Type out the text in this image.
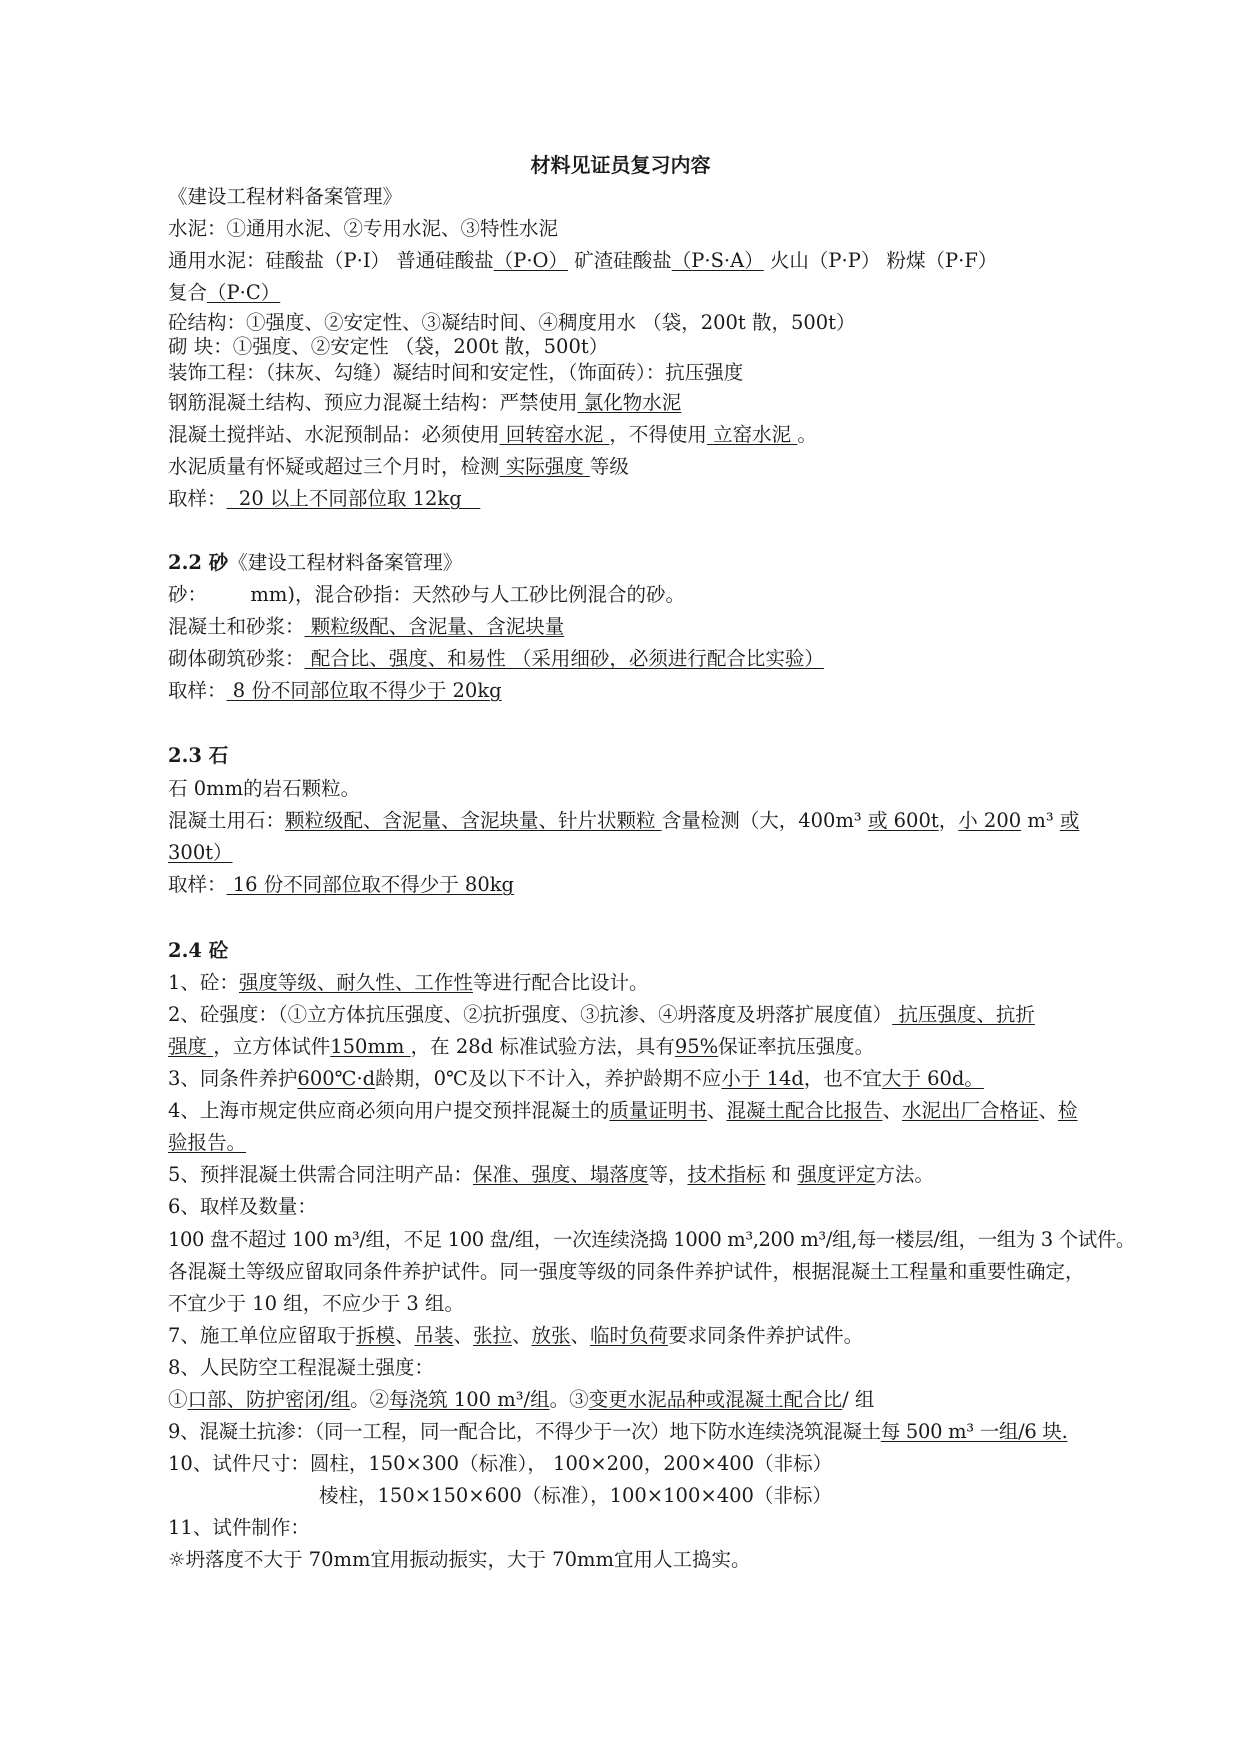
材料见证员复习内容
《建设工程材料备案管理》
水泥：①通用水泥、②专用水泥、③特性水泥
通用水泥：硅酸盐（P·I） 普通硅酸盐（P·O） 矿渣硅酸盐（P·S·A） 火山（P·P） 粉煤（P·F）
复合（P·C）
砼结构：①强度、②安定性、③凝结时间、④稠度用水 （袋，200t 散，500t）
砌 块：①强度、②安定性 （袋，200t 散，500t）
装饰工程：（抹灰、勾缝）凝结时间和安定性，（饰面砖）：抗压强度
钢筋混凝土结构、预应力混凝土结构：严禁使用 氯化物水泥
混凝土搅拌站、水泥预制品：必须使用 回转窑水泥 ，不得使用 立窑水泥 。
水泥质量有怀疑或超过三个月时，检测 实际强度 等级
取样：  20 以上不同部位取 12kg
2.2 砂《建设工程材料备案管理》
砂：       mm)，混合砂指：天然砂与人工砂比例混合的砂。
混凝土和砂浆： 颗粒级配、含泥量、含泥块量
砌体砌筑砂浆： 配合比、强度、和易性 （采用细砂，必须进行配合比实验）
取样： 8 份不同部位取不得少于 20kg
2.3 石
石 0mm的岩石颗粒。
混凝土用石：颗粒级配、含泥量、含泥块量、针片状颗粒 含量检测（大，400m³ 或 600t，小 200 m³ 或
300t）
取样： 16 份不同部位取不得少于 80kg
2.4 砼
1、砼：强度等级、耐久性、工作性等进行配合比设计。
2、砼强度：（①立方体抗压强度、②抗折强度、③抗渗、④坍落度及坍落扩展度值） 抗压强度、抗折
强度 ，立方体试件150mm ，在 28d 标准试验方法，具有95%保证率抗压强度。
3、同条件养护600℃·d龄期，0℃及以下不计入，养护龄期不应小于 14d，也不宜大于 60d。
4、上海市规定供应商必须向用户提交预拌混凝土的质量证明书、混凝土配合比报告、水泥出厂合格证、检
验报告。
5、预拌混凝土供需合同注明产品：保准、强度、塌落度等，技术指标 和 强度评定方法。
6、取样及数量：
100 盘不超过 100 m³/组，不足 100 盘/组，一次连续浇捣 1000 m³,200 m³/组,每一楼层/组，一组为 3 个试件。
各混凝土等级应留取同条件养护试件。同一强度等级的同条件养护试件，根据混凝土工程量和重要性确定，
不宜少于 10 组，不应少于 3 组。
7、施工单位应留取于拆模、吊装、张拉、放张、临时负荷要求同条件养护试件。
8、人民防空工程混凝土强度：
①口部、防护密闭/组。②每浇筑 100 m³/组。③变更水泥品种或混凝土配合比/ 组
9、混凝土抗渗：（同一工程，同一配合比，不得少于一次）地下防水连续浇筑混凝土每 500 m³ 一组/6 块.
10、试件尺寸：圆柱，150×300（标准）， 100×200，200×400（非标）
棱柱，150×150×600（标准），100×100×400（非标）
11、试件制作：
☼坍落度不大于 70mm宜用振动振实，大于 70mm宜用人工捣实。
